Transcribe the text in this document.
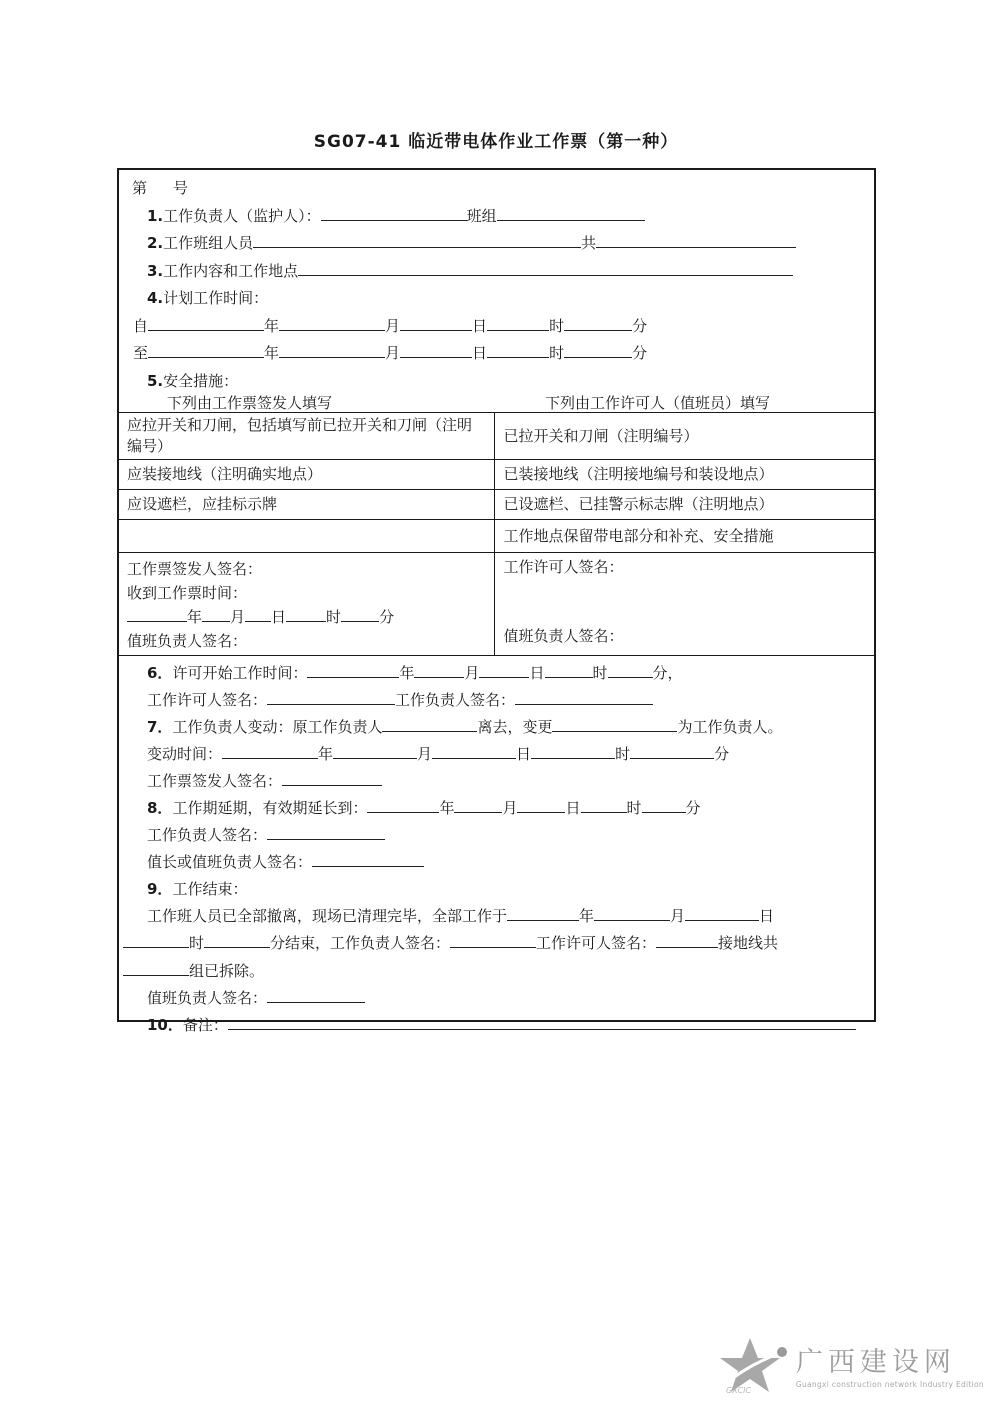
SG07-41 临近带电体作业工作票（第一种）
第 号
1.工作负责人（监护人）：	班组
2.工作班组人员	共
3.工作内容和工作地点
4.计划工作时间：
自	年	月	日	时	分
至	年	月	日	时	分
5.安全措施：
下列由工作票签发人填写	下列由工作许可人（值班员）填写
应拉开关和刀闸，包括填写前已拉开关和刀闸（注明编号）	已拉开关和刀闸（注明编号）
应装接地线（注明确实地点）	已装接地线（注明接地编号和装设地点）
应设遮栏，应挂标示牌	已设遮栏、已挂警示标志牌（注明地点）
	工作地点保留带电部分和补充、安全措施

工作票签发人签名：
收到工作票时间：
年 月 日	时	分
值班负责人签名：

工作许可人签名：
值班负责人签名：
6．许可开始工作时间：	年	月	日	时	分，
工作许可人签名：	工作负责人签名：
7．工作负责人变动：原工作负责人	离去，变更	为工作负责人。
变动时间：	年	月	日	时	分
工作票签发人签名：
8．工作期延期，有效期延长到：	年	月	日	时	分
工作负责人签名：
值长或值班负责人签名：
9．工作结束：
工作班人员已全部撤离，现场已清理完毕，全部工作于	年	月	日
时	分结束，工作负责人签名：	工作许可人签名：	接地线共
组已拆除。
值班负责人签名：
10．备注：
GXCIC
广西建设网
Guangxi construction network Industry Edition
